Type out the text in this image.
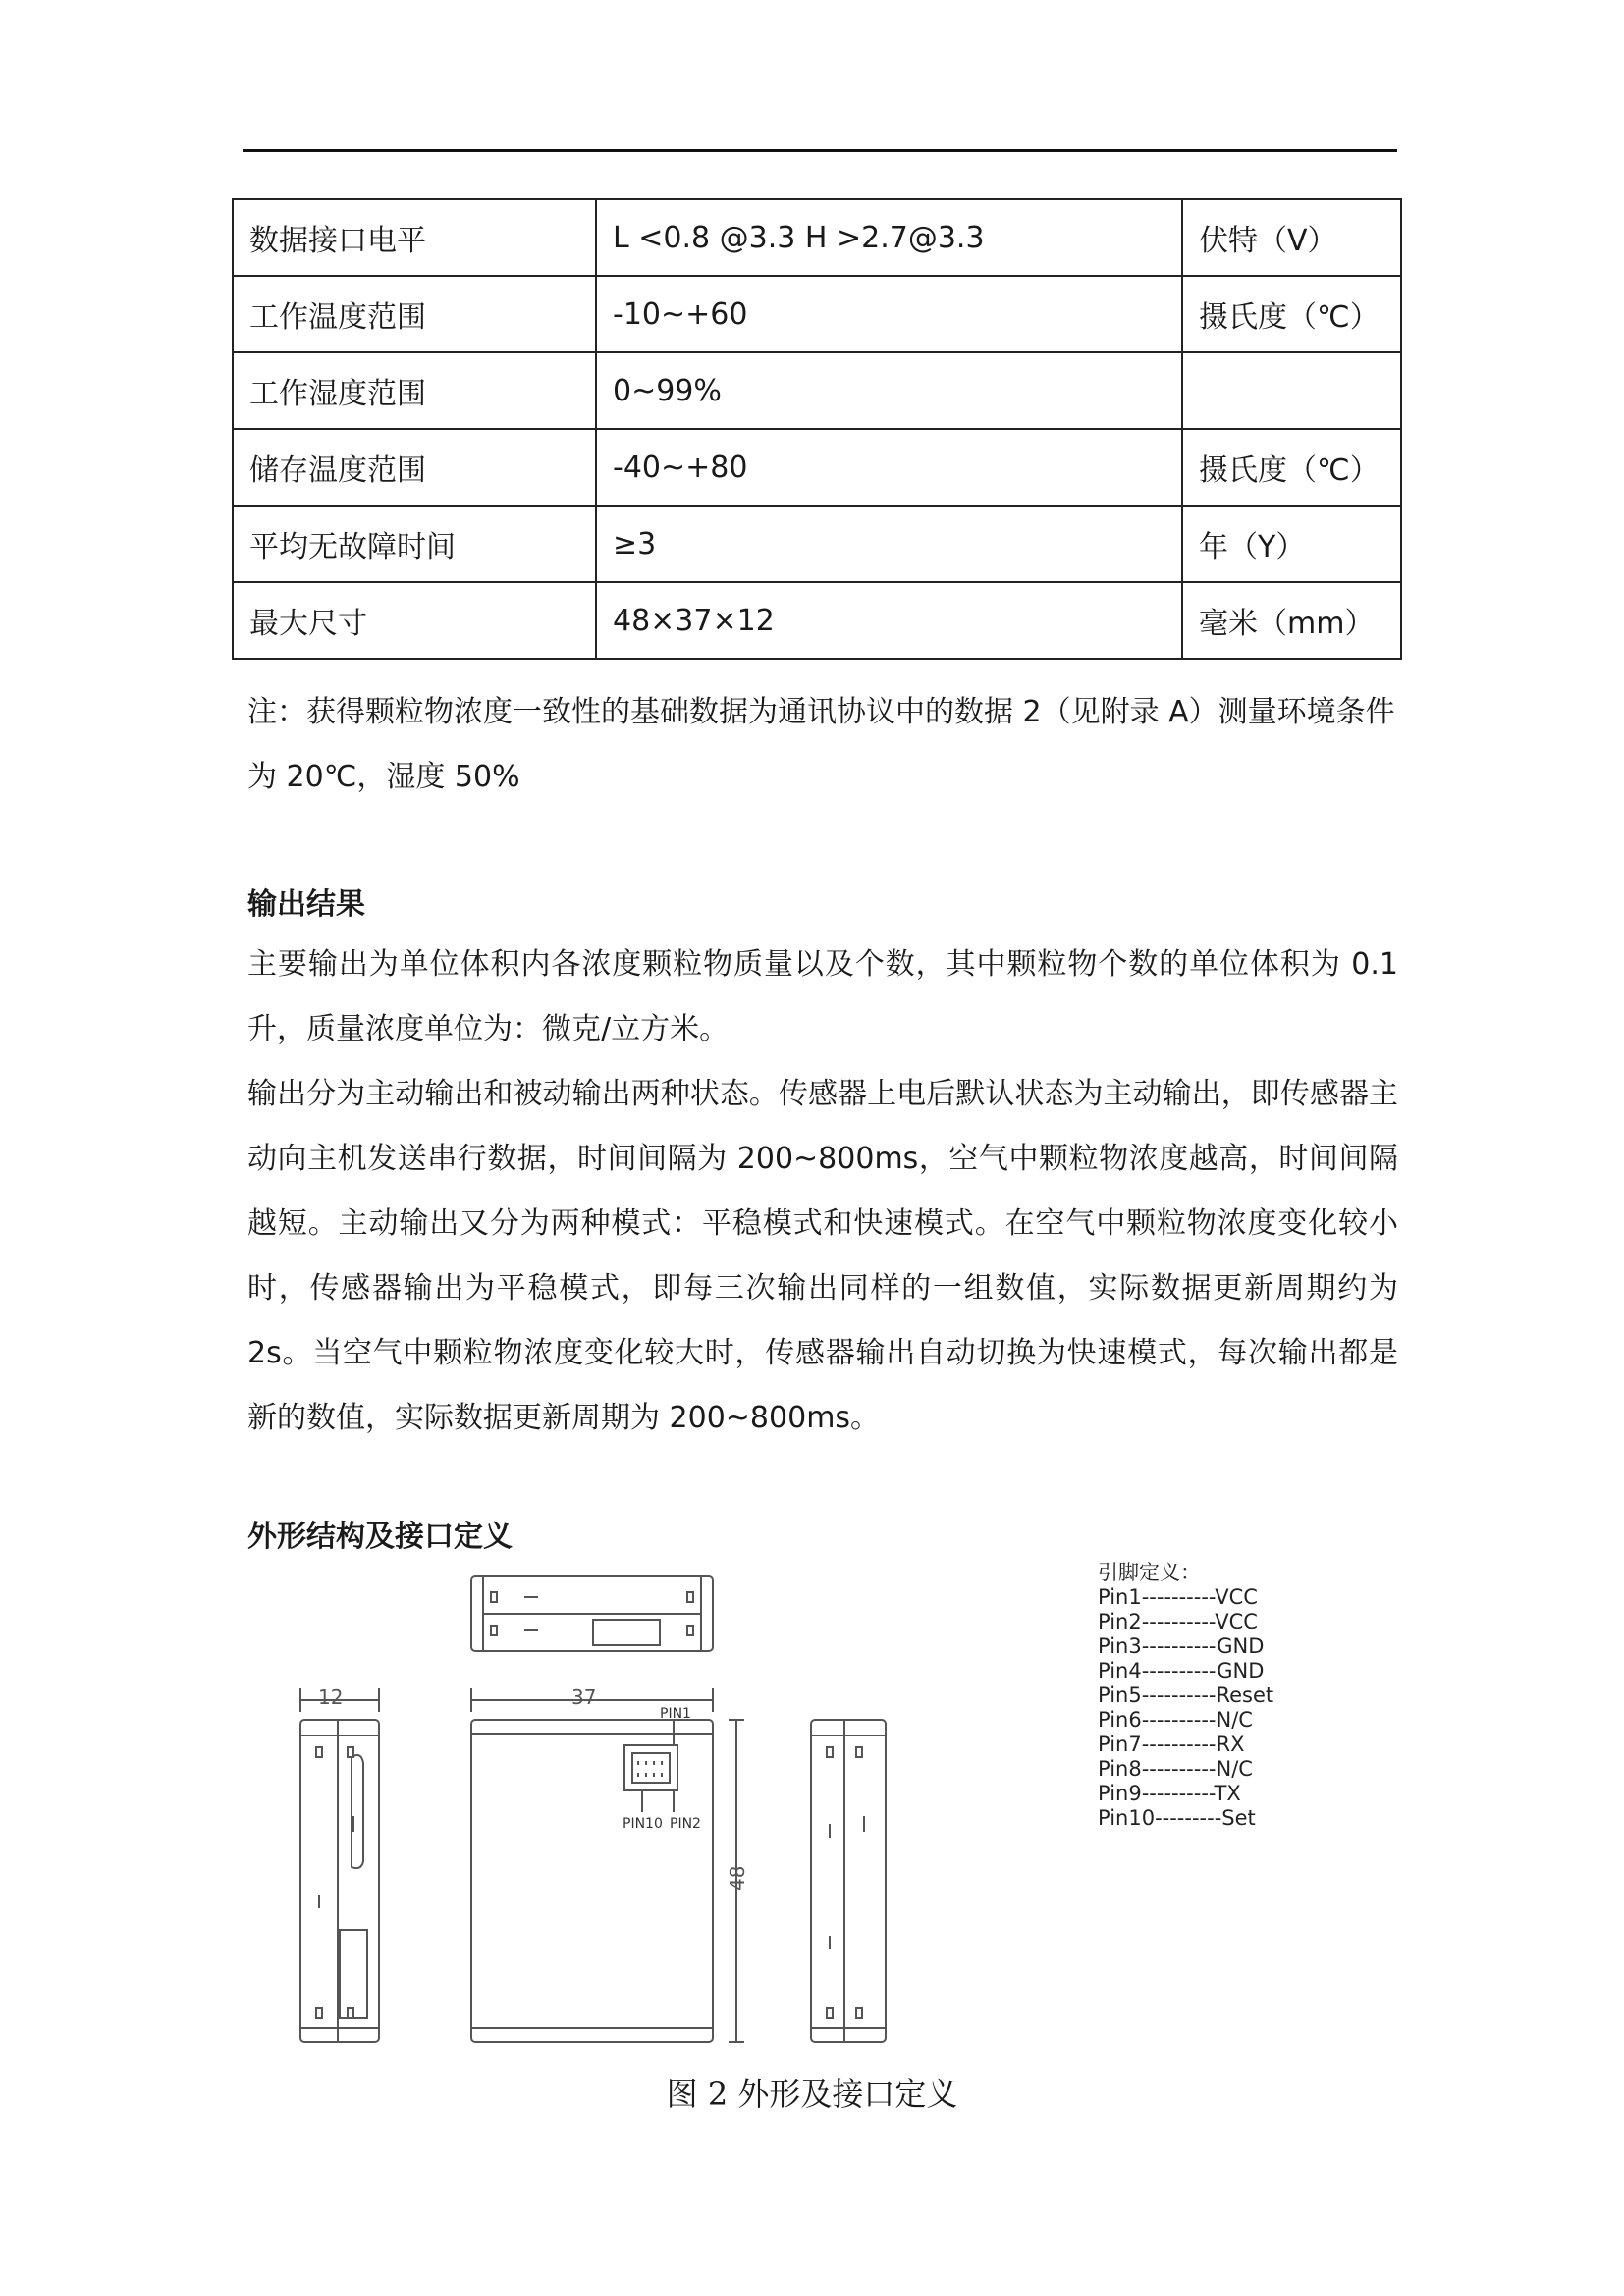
数据接口电平	L <0.8 @3.3 H >2.7@3.3	伏特（V）
工作温度范围	-10~+60	摄氏度（℃）
工作湿度范围	0~99%	
储存温度范围	-40~+80	摄氏度（℃）
平均无故障时间	≥3	年（Y）
最大尺寸	48×37×12	毫米（mm）
注：获得颗粒物浓度一致性的基础数据为通讯协议中的数据 2（见附录 A）测量环境条件为 20℃，湿度 50%
输出结果
主要输出为单位体积内各浓度颗粒物质量以及个数，其中颗粒物个数的单位体积为 0.1 升，质量浓度单位为：微克/立方米。
输出分为主动输出和被动输出两种状态。传感器上电后默认状态为主动输出，即传感器主动向主机发送串行数据，时间间隔为 200~800ms，空气中颗粒物浓度越高，时间间隔越短。主动输出又分为两种模式：平稳模式和快速模式。在空气中颗粒物浓度变化较小时，传感器输出为平稳模式，即每三次输出同样的一组数值，实际数据更新周期约为 2s。当空气中颗粒物浓度变化较大时，传感器输出自动切换为快速模式，每次输出都是新的数值，实际数据更新周期为 200~800ms。
外形结构及接口定义
12	37
48
PIN1
PIN10 PIN2
引脚定义：
Pin1----------VCC
Pin2----------VCC
Pin3----------GND
Pin4----------GND
Pin5----------Reset
Pin6----------N/C
Pin7----------RX
Pin8----------N/C
Pin9----------TX
Pin10---------Set
图 2 外形及接口定义
